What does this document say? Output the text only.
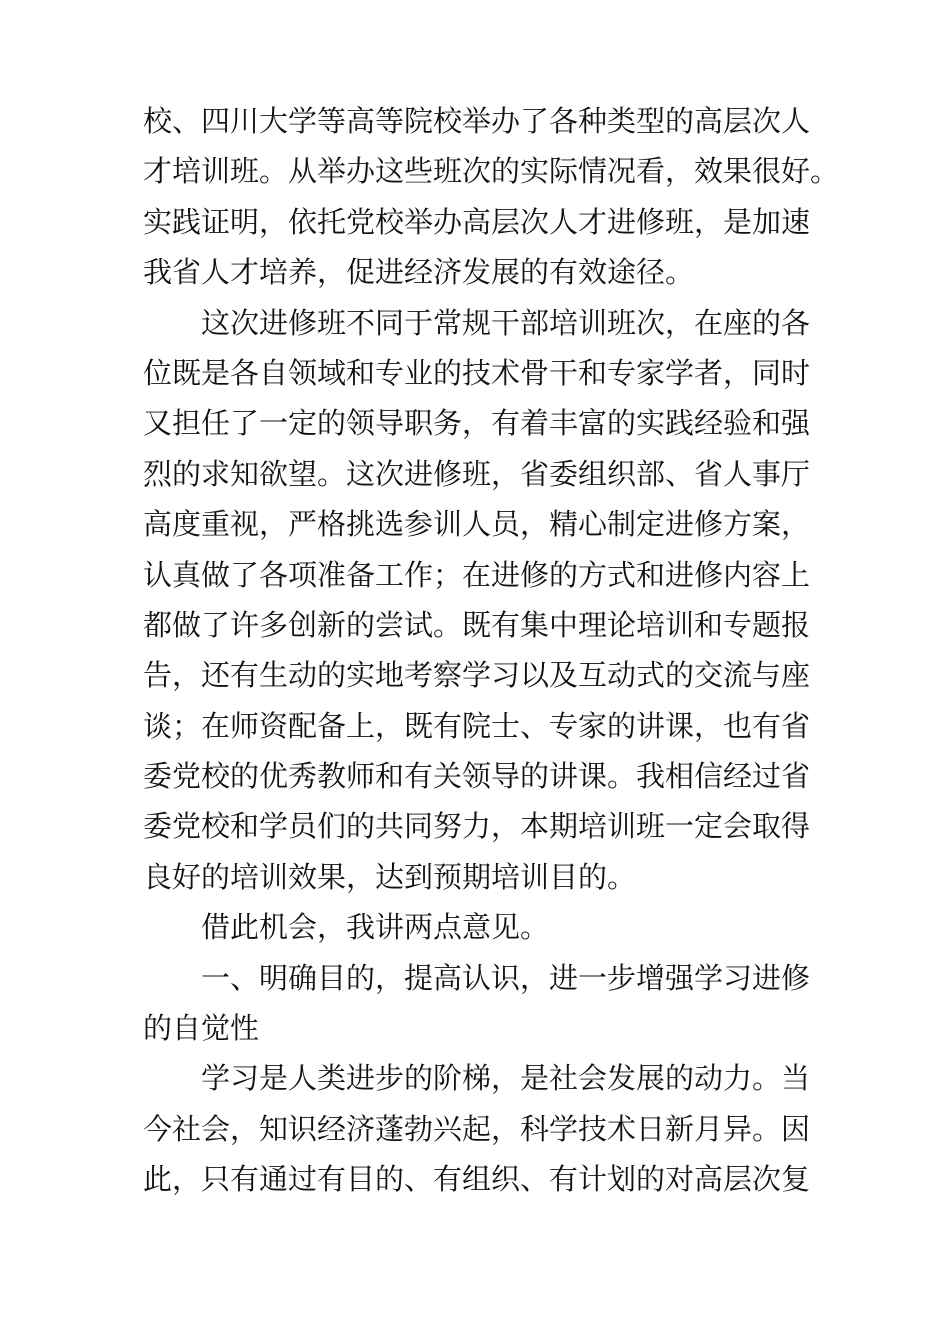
校、四川大学等高等院校举办了各种类型的高层次人
才培训班。从举办这些班次的实际情况看，效果很好。
实践证明，依托党校举办高层次人才进修班，是加速
我省人才培养，促进经济发展的有效途径。
这次进修班不同于常规干部培训班次，在座的各
位既是各自领域和专业的技术骨干和专家学者，同时
又担任了一定的领导职务，有着丰富的实践经验和强
烈的求知欲望。这次进修班，省委组织部、省人事厅
高度重视，严格挑选参训人员，精心制定进修方案，
认真做了各项准备工作；在进修的方式和进修内容上
都做了许多创新的尝试。既有集中理论培训和专题报
告，还有生动的实地考察学习以及互动式的交流与座
谈；在师资配备上，既有院士、专家的讲课，也有省
委党校的优秀教师和有关领导的讲课。我相信经过省
委党校和学员们的共同努力，本期培训班一定会取得
良好的培训效果，达到预期培训目的。
借此机会，我讲两点意见。
一、明确目的，提高认识，进一步增强学习进修
的自觉性
学习是人类进步的阶梯，是社会发展的动力。当
今社会，知识经济蓬勃兴起，科学技术日新月异。因
此，只有通过有目的、有组织、有计划的对高层次复
